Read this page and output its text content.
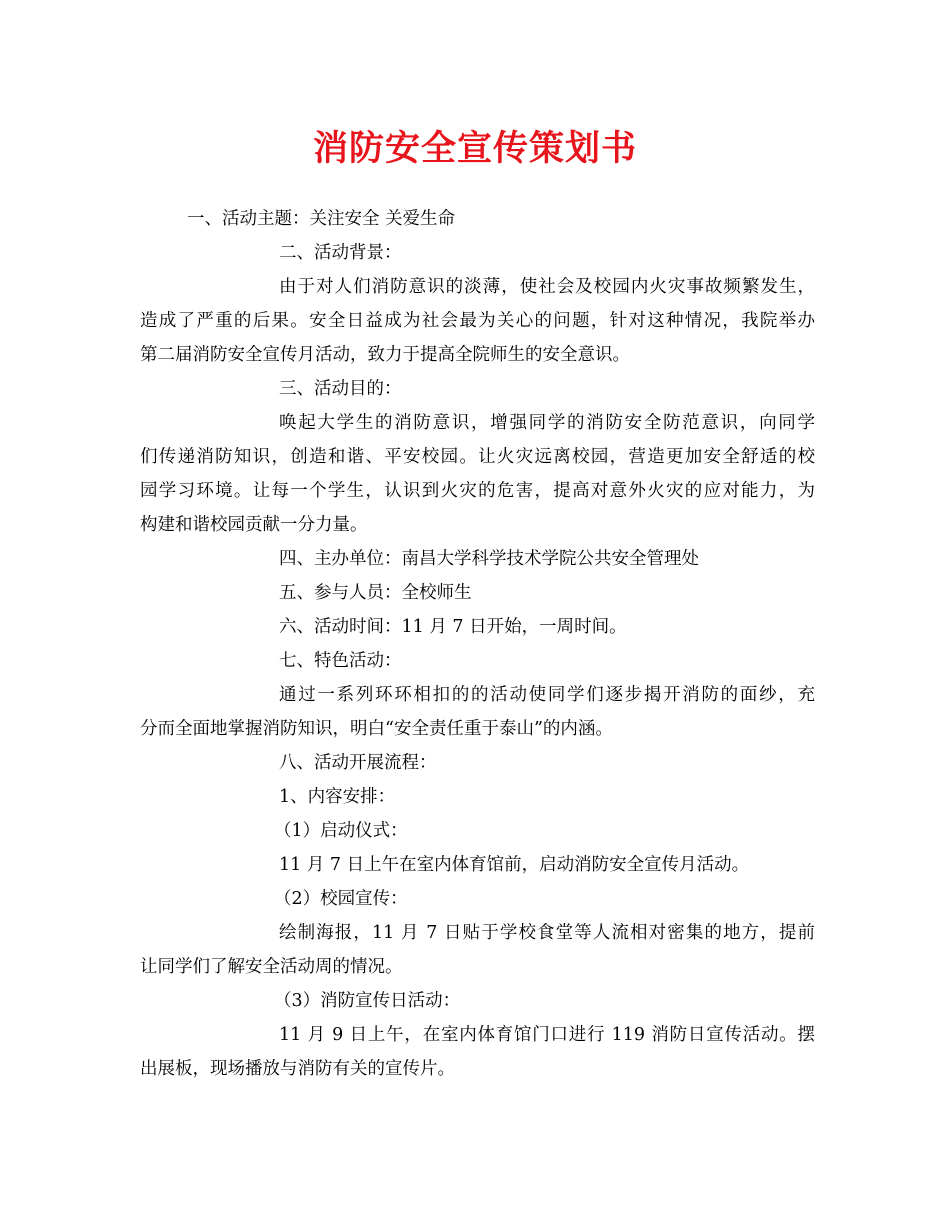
消防安全宣传策划书
一、活动主题：关注安全 关爱生命
二、活动背景：
由于对人们消防意识的淡薄，使社会及校园内火灾事故频繁发生，
造成了严重的后果。安全日益成为社会最为关心的问题，针对这种情况，我院举办
第二届消防安全宣传月活动，致力于提高全院师生的安全意识。
三、活动目的：
唤起大学生的消防意识，增强同学的消防安全防范意识，向同学
们传递消防知识，创造和谐、平安校园。让火灾远离校园，营造更加安全舒适的校
园学习环境。让每一个学生，认识到火灾的危害，提高对意外火灾的应对能力，为
构建和谐校园贡献一分力量。
四、主办单位：南昌大学科学技术学院公共安全管理处
五、参与人员：全校师生
六、活动时间：11 月 7 日开始，一周时间。
七、特色活动：
通过一系列环环相扣的的活动使同学们逐步揭开消防的面纱，充
分而全面地掌握消防知识，明白“安全责任重于泰山”的内涵。
八、活动开展流程：
1、内容安排：
（1）启动仪式：
11 月 7 日上午在室内体育馆前，启动消防安全宣传月活动。
（2）校园宣传：
绘制海报，11 月 7 日贴于学校食堂等人流相对密集的地方，提前
让同学们了解安全活动周的情况。
（3）消防宣传日活动：
11 月 9 日上午，在室内体育馆门口进行 119 消防日宣传活动。摆
出展板，现场播放与消防有关的宣传片。
